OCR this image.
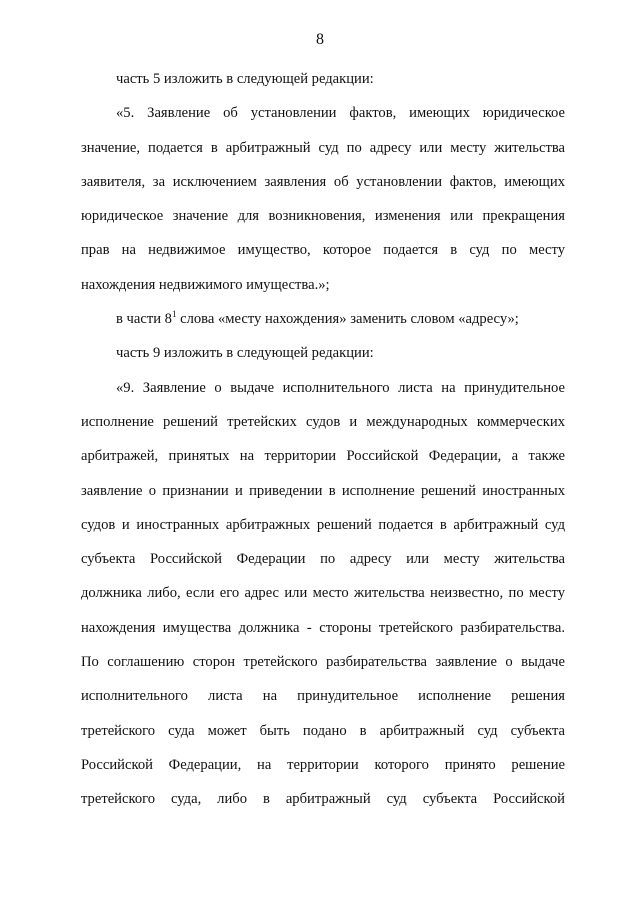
8
часть 5 изложить в следующей редакции:
«5. Заявление об установлении фактов, имеющих юридическое
значение, подается в арбитражный суд по адресу или месту жительства
заявителя, за исключением заявления об установлении фактов, имеющих
юридическое значение для возникновения, изменения или прекращения
прав на недвижимое имущество, которое подается в суд по месту
нахождения недвижимого имущества.»;
в части $8^1$ слова «месту нахождения» заменить словом «адресу»;
часть 9 изложить в следующей редакции:
«9. Заявление о выдаче исполнительного листа на принудительное
исполнение решений третейских судов и международных коммерческих
арбитражей, принятых на территории Российской Федерации, а также
заявление о признании и приведении в исполнение решений иностранных
судов и иностранных арбитражных решений подается в арбитражный суд
субъекта Российской Федерации по адресу или месту жительства
должника либо, если его адрес или место жительства неизвестно, по месту
нахождения имущества должника - стороны третейского разбирательства.
По соглашению сторон третейского разбирательства заявление о выдаче
исполнительного листа на принудительное исполнение решения
третейского суда может быть подано в арбитражный суд субъекта
Российской Федерации, на территории которого принято решение
третейского суда, либо в арбитражный суд субъекта Российской
